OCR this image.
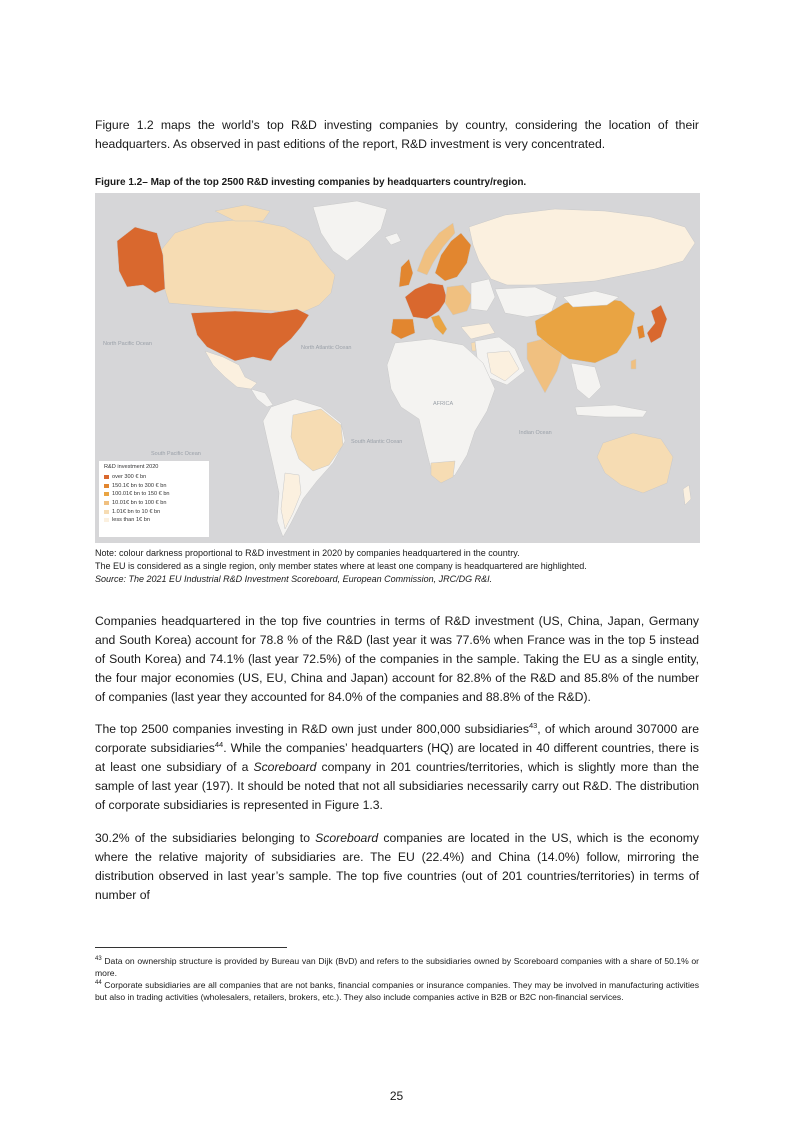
Figure 1.2 maps the world’s top R&D investing companies by country, considering the location of their headquarters. As observed in past editions of the report, R&D investment is very concentrated.

Figure 1.2– Map of the top 2500 R&D investing companies by headquarters country/region.
North Pacific Ocean
North Atlantic Ocean
South Pacific Ocean
South Atlantic Ocean
Indian Ocean
AFRICA
R&D investment 2020
over 300 € bn
150.1€ bn to 300 € bn
100.01€ bn to 150 € bn
10.01€ bn to 100 € bn
1.01€ bn to 10 € bn
less than 1€ bn
Note: colour darkness proportional to R&D investment in 2020 by companies headquartered in the country.
The EU is considered as a single region, only member states where at least one company is headquartered are highlighted.
Source: The 2021 EU Industrial R&D Investment Scoreboard, European Commission, JRC/DG R&I.

Companies headquartered in the top five countries in terms of R&D investment (US, China, Japan, Germany and South Korea) account for 78.8 % of the R&D (last year it was 77.6% when France was in the top 5 instead of South Korea) and 74.1% (last year 72.5%) of the companies in the sample. Taking the EU as a single entity, the four major economies (US, EU, China and Japan) account for 82.8% of the R&D and 85.8% of the number of companies (last year they accounted for 84.0% of the companies and 88.8% of the R&D).

The top 2500 companies investing in R&D own just under 800,000 subsidiaries$^{43}$, of which around 307000 are corporate subsidiaries$^{44}$. While the companies’ headquarters (HQ) are located in 40 different countries, there is at least one subsidiary of a Scoreboard company in 201 countries/territories, which is slightly more than the sample of last year (197). It should be noted that not all subsidiaries necessarily carry out R&D. The distribution of corporate subsidiaries is represented in Figure 1.3.

30.2% of the subsidiaries belonging to Scoreboard companies are located in the US, which is the economy where the relative majority of subsidiaries are. The EU (22.4%) and China (14.0%) follow, mirroring the distribution observed in last year’s sample. The top five countries (out of 201 countries/territories) in terms of number of

$^{43}$ Data on ownership structure is provided by Bureau van Dijk (BvD) and refers to the subsidiaries owned by Scoreboard companies with a share of 50.1% or more.

$^{44}$ Corporate subsidiaries are all companies that are not banks, financial companies or insurance companies. They may be involved in manufacturing activities but also in trading activities (wholesalers, retailers, brokers, etc.). They also include companies active in B2B or B2C non-financial services.

25
